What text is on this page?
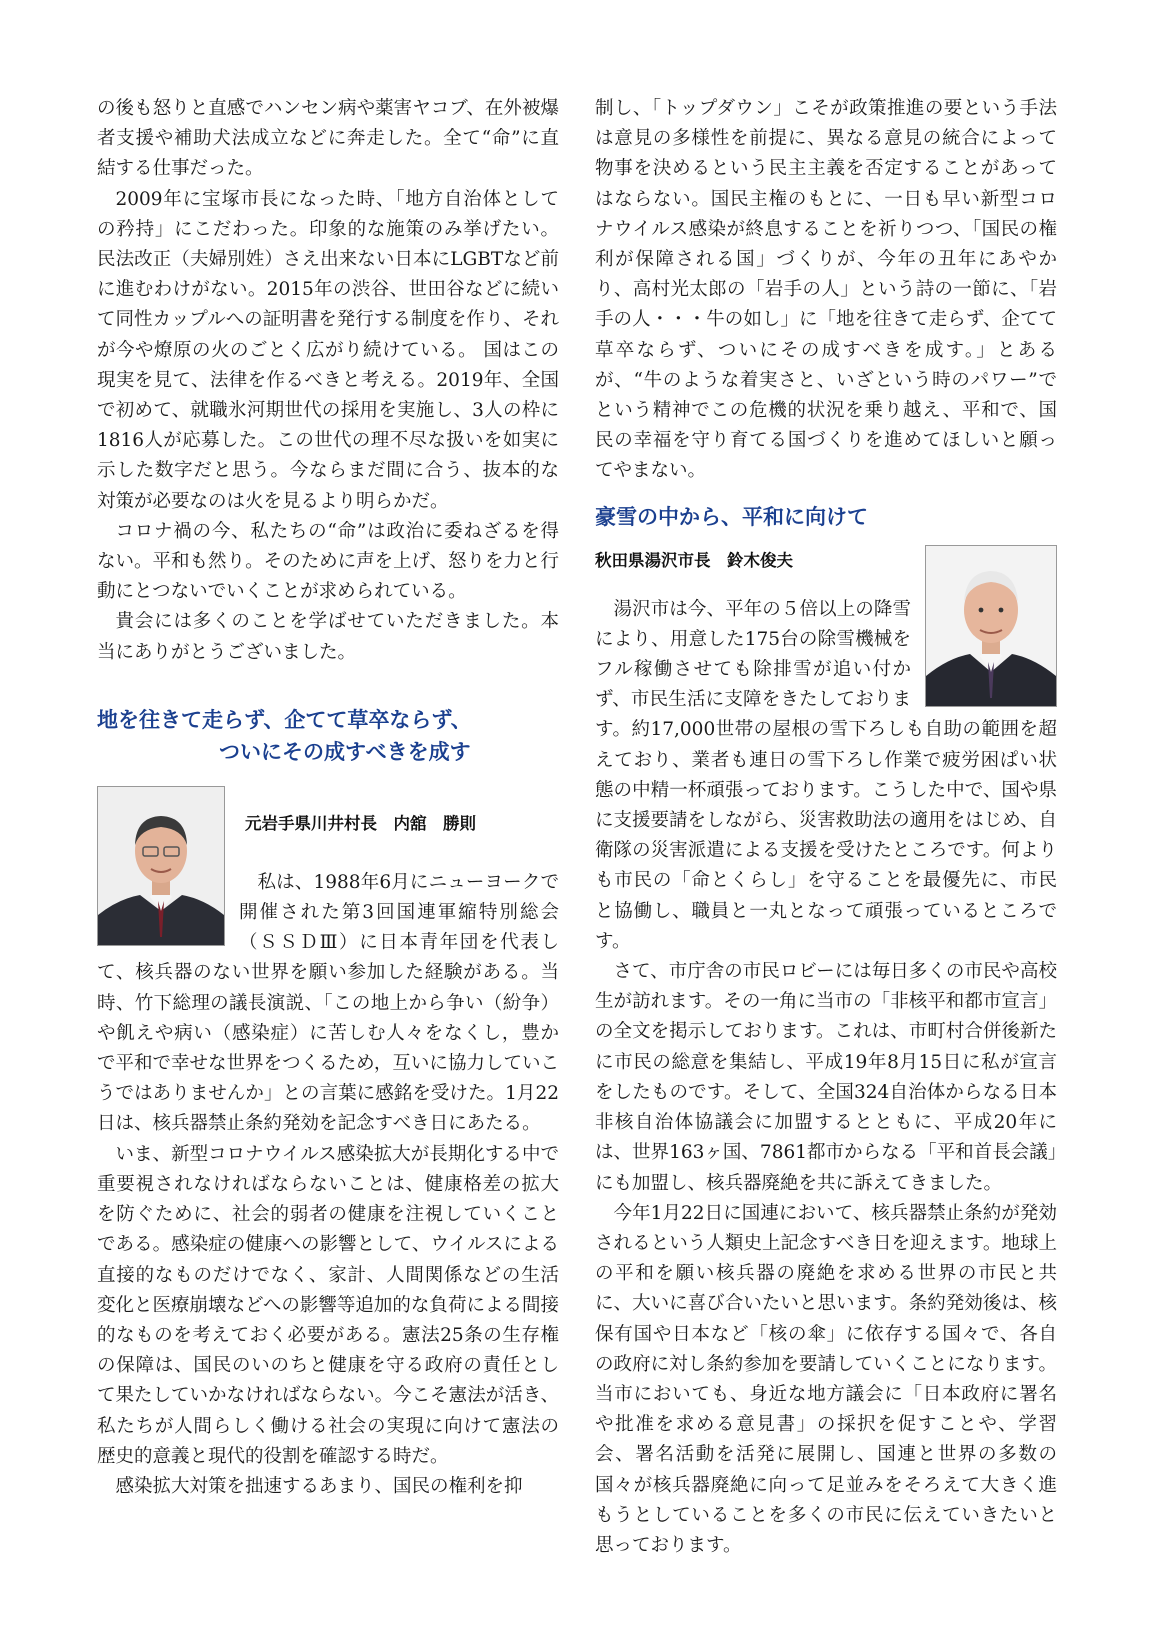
の後も怒りと直感でハンセン病や薬害ヤコブ、在外被爆者支援や補助犬法成立などに奔走した。全て“命”に直結する仕事だった。

2009年に宝塚市長になった時、「地方自治体としての矜持」にこだわった。印象的な施策のみ挙げたい。民法改正（夫婦別姓）さえ出来ない日本にLGBTなど前に進むわけがない。2015年の渋谷、世田谷などに続いて同性カップルへの証明書を発行する制度を作り、それが今や燎原の火のごとく広がり続けている。 国はこの現実を見て、法律を作るべきと考える。2019年、全国で初めて、就職氷河期世代の採用を実施し、3人の枠に1816人が応募した。この世代の理不尽な扱いを如実に示した数字だと思う。今ならまだ間に合う、抜本的な対策が必要なのは火を見るより明らかだ。

コロナ禍の今、私たちの“命”は政治に委ねざるを得ない。平和も然り。そのために声を上げ、怒りを力と行動にとつないでいくことが求められている。

貴会には多くのことを学ばせていただきました。本当にありがとうございました。

地を往きて走らず、企てて草卒ならず、
ついにその成すべきを成す
元岩手県川井村長　内舘　勝則

私は、1988年6月にニューヨークで開催された第3回国連軍縮特別総会（ＳＳＤⅢ）に日本青年団を代表して、核兵器のない世界を願い参加した経験がある。当時、竹下総理の議長演説、「この地上から争い（紛争）や飢えや病い（感染症）に苦しむ人々をなくし，豊かで平和で幸せな世界をつくるため，互いに協力していこうではありませんか」との言葉に感銘を受けた。1月22日は、核兵器禁止条約発効を記念すべき日にあたる。

いま、新型コロナウイルス感染拡大が長期化する中で重要視されなければならないことは、健康格差の拡大を防ぐために、社会的弱者の健康を注視していくことである。感染症の健康への影響として、ウイルスによる直接的なものだけでなく、家計、人間関係などの生活変化と医療崩壊などへの影響等追加的な負荷による間接的なものを考えておく必要がある。憲法25条の生存権の保障は、国民のいのちと健康を守る政府の責任として果たしていかなければならない。今こそ憲法が活き、私たちが人間らしく働ける社会の実現に向けて憲法の歴史的意義と現代的役割を確認する時だ。

感染拡大対策を拙速するあまり、国民の権利を抑

制し、「トップダウン」こそが政策推進の要という手法は意見の多様性を前提に、異なる意見の統合によって物事を決めるという民主主義を否定することがあってはならない。国民主権のもとに、一日も早い新型コロナウイルス感染が終息することを祈りつつ、「国民の権利が保障される国」づくりが、今年の丑年にあやかり、高村光太郎の「岩手の人」という詩の一節に、「岩手の人・・・牛の如し」に「地を往きて走らず、企てて草卒ならず、ついにその成すべきを成す。」とあるが、“牛のような着実さと、いざという時のパワー”でという精神でこの危機的状況を乗り越え、平和で、国民の幸福を守り育てる国づくりを進めてほしいと願ってやまない。

豪雪の中から、平和に向けて
秋田県湯沢市長　鈴木俊夫

湯沢市は今、平年の５倍以上の降雪により、用意した175台の除雪機械をフル稼働させても除排雪が追い付かず、市民生活に支障をきたしております。約17,000世帯の屋根の雪下ろしも自助の範囲を超えており、業者も連日の雪下ろし作業で疲労困ぱい状態の中精一杯頑張っております。こうした中で、国や県に支援要請をしながら、災害救助法の適用をはじめ、自衛隊の災害派遣による支援を受けたところです。何よりも市民の「命とくらし」を守ることを最優先に、市民と協働し、職員と一丸となって頑張っているところです。

さて、市庁舎の市民ロビーには毎日多くの市民や高校生が訪れます。その一角に当市の「非核平和都市宣言」の全文を掲示しております。これは、市町村合併後新たに市民の総意を集結し、平成19年8月15日に私が宣言をしたものです。そして、全国324自治体からなる日本非核自治体協議会に加盟するとともに、平成20年には、世界163ヶ国、7861都市からなる「平和首長会議」にも加盟し、核兵器廃絶を共に訴えてきました。

今年1月22日に国連において、核兵器禁止条約が発効されるという人類史上記念すべき日を迎えます。地球上の平和を願い核兵器の廃絶を求める世界の市民と共に、大いに喜び合いたいと思います。条約発効後は、核保有国や日本など「核の傘」に依存する国々で、各自の政府に対し条約参加を要請していくことになります。当市においても、身近な地方議会に「日本政府に署名や批准を求める意見書」の採択を促すことや、学習会、署名活動を活発に展開し、国連と世界の多数の国々が核兵器廃絶に向って足並みをそろえて大きく進もうとしていることを多くの市民に伝えていきたいと思っております。
